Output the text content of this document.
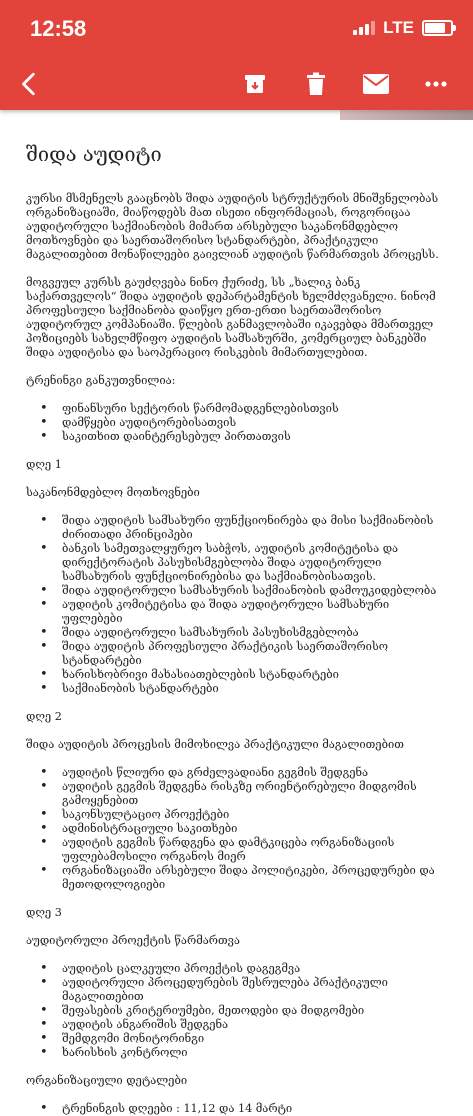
12:58	LTE
შიდა აუდიტი

კურსი მსმენელს გააცნობს შიდა აუდიტის სტრუქტურის მნიშვნელობას ორგანიზაციაში, მიაწოდებს მათ ისეთი ინფორმაციას, როგორიცაა აუდიტორული საქმიანობის მიმართ არსებული საკანონმდებლო მოთხოვნები და საერთაშორისო სტანდარტები, პრაქტიკული მაგალითებით მონაწილეები გაივლიან აუდიტის წარმართვის პროცესს.

მოგვეულ კურსს გაუძღვება ნინო ქურიძე, სს „ხალიკ ბანკ საქართველოს“ შიდა აუდიტის დეპარტამენტის ხელმძღვანელი. ნინომ პროფესიული საქმიანობა დაიწყო ერთ-ერთი საერთაშორისო აუდიტორულ კომპანიაში. წლების განმავლობაში იკავებდა მმართველ პოზიციებს სახელმწიფო აუდიტის სამსახურში, კომერციულ ბანკებში შიდა აუდიტისა და საოპერაციო რისკების მიმართულებით.

ტრენინგი განკუთვნილია:

• ფინანსური სექტორის წარმომადგენლებისთვის
• დამწყები აუდიტორებისათვის
• საკითხით დაინტერესებულ პირთათვის

დღე 1

საკანონმდებლო მოთხოვნები

• შიდა აუდიტის სამსახური ფუნქციონირება და მისი საქმიანობის ძირითადი პრინციპები
• ბანკის სამეთვალყურეო საბჭოს, აუდიტის კომიტეტისა და დირექტორატის პასუხისმგებლობა შიდა აუდიტორული სამსახურის ფუნქციონირებისა და საქმიანობისათვის.
• შიდა აუდიტორული სამსახურის საქმიანობის დამოუკიდებლობა
• აუდიტის კომიტეტისა და შიდა აუდიტორული სამსახური უფლებები
• შიდა აუდიტორული სამსახურის პასუხისმგებლობა
• შიდა აუდიტის პროფესიული პრაქტიკის საერთაშორისო სტანდარტები
• ხარისხობრივი მახასიათებლების სტანდარტები
• საქმიანობის სტანდარტები

დღე 2

შიდა აუდიტის პროცესის მიმოხილვა პრაქტიკული მაგალითებით

• აუდიტის წლიური და გრძელვადიანი გეგმის შედგენა
• აუდიტის გეგმის შედგენა რისკზე ორიენტირებული მიდგომის გამოყენებით
• საკონსულტაციო პროექტები
• ადმინისტრაციული საკითხები
• აუდიტის გეგმის წარდგენა და დამტკიცება ორგანიზაციის უფლებამოსილი ორგანოს მიერ
• ორგანიზაციაში არსებული შიდა პოლიტიკები, პროცედურები და მეთოდოლოგიები

დღე 3

აუდიტორული პროექტის წარმართვა

• აუდიტის ცალკეული პროექტის დაგეგმვა
• აუდიტორული პროცედურების შესრულება პრაქტიკული მაგალითებით
• შეფასების კრიტერიუმები, მეთოდები და მიდგომები
• აუდიტის ანგარიშის შედგენა
• შემდგომი მონიტორინგი
• ხარისხის კონტროლი

ორგანიზაციული დეტალები

• ტრენინგის დღეები : 11,12 და 14 მარტი
